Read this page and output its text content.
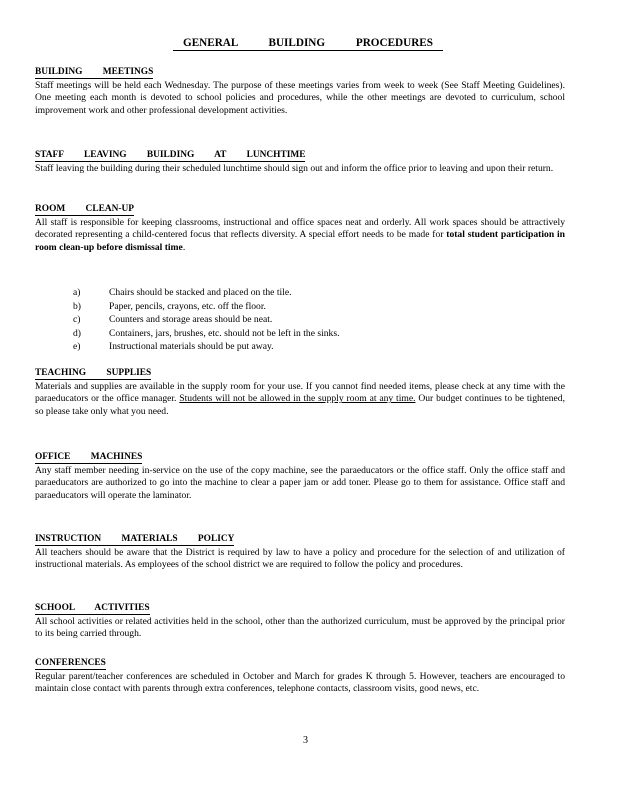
GENERAL BUILDING PROCEDURES
BUILDING MEETINGS
Staff meetings will be held each Wednesday. The purpose of these meetings varies from week to week (See Staff Meeting Guidelines). One meeting each month is devoted to school policies and procedures, while the other meetings are devoted to curriculum, school improvement work and other professional development activities.
STAFF LEAVING BUILDING AT LUNCHTIME
Staff leaving the building during their scheduled lunchtime should sign out and inform the office prior to leaving and upon their return.
ROOM CLEAN-UP
All staff is responsible for keeping classrooms, instructional and office spaces neat and orderly. All work spaces should be attractively decorated representing a child-centered focus that reflects diversity. A special effort needs to be made for total student participation in room clean-up before dismissal time.
a)	Chairs should be stacked and placed on the tile.
b)	Paper, pencils, crayons, etc. off the floor.
c)	Counters and storage areas should be neat.
d)	Containers, jars, brushes, etc. should not be left in the sinks.
e)	Instructional materials should be put away.
TEACHING SUPPLIES
Materials and supplies are available in the supply room for your use. If you cannot find needed items, please check at any time with the paraeducators or the office manager. Students will not be allowed in the supply room at any time. Our budget continues to be tightened, so please take only what you need.
OFFICE MACHINES
Any staff member needing in-service on the use of the copy machine, see the paraeducators or the office staff. Only the office staff and paraeducators are authorized to go into the machine to clear a paper jam or add toner. Please go to them for assistance. Office staff and paraeducators will operate the laminator.
INSTRUCTION MATERIALS POLICY
All teachers should be aware that the District is required by law to have a policy and procedure for the selection of and utilization of instructional materials. As employees of the school district we are required to follow the policy and procedures.
SCHOOL ACTIVITIES
All school activities or related activities held in the school, other than the authorized curriculum, must be approved by the principal prior to its being carried through.
CONFERENCES
Regular parent/teacher conferences are scheduled in October and March for grades K through 5. However, teachers are encouraged to maintain close contact with parents through extra conferences, telephone contacts, classroom visits, good news, etc.
3
